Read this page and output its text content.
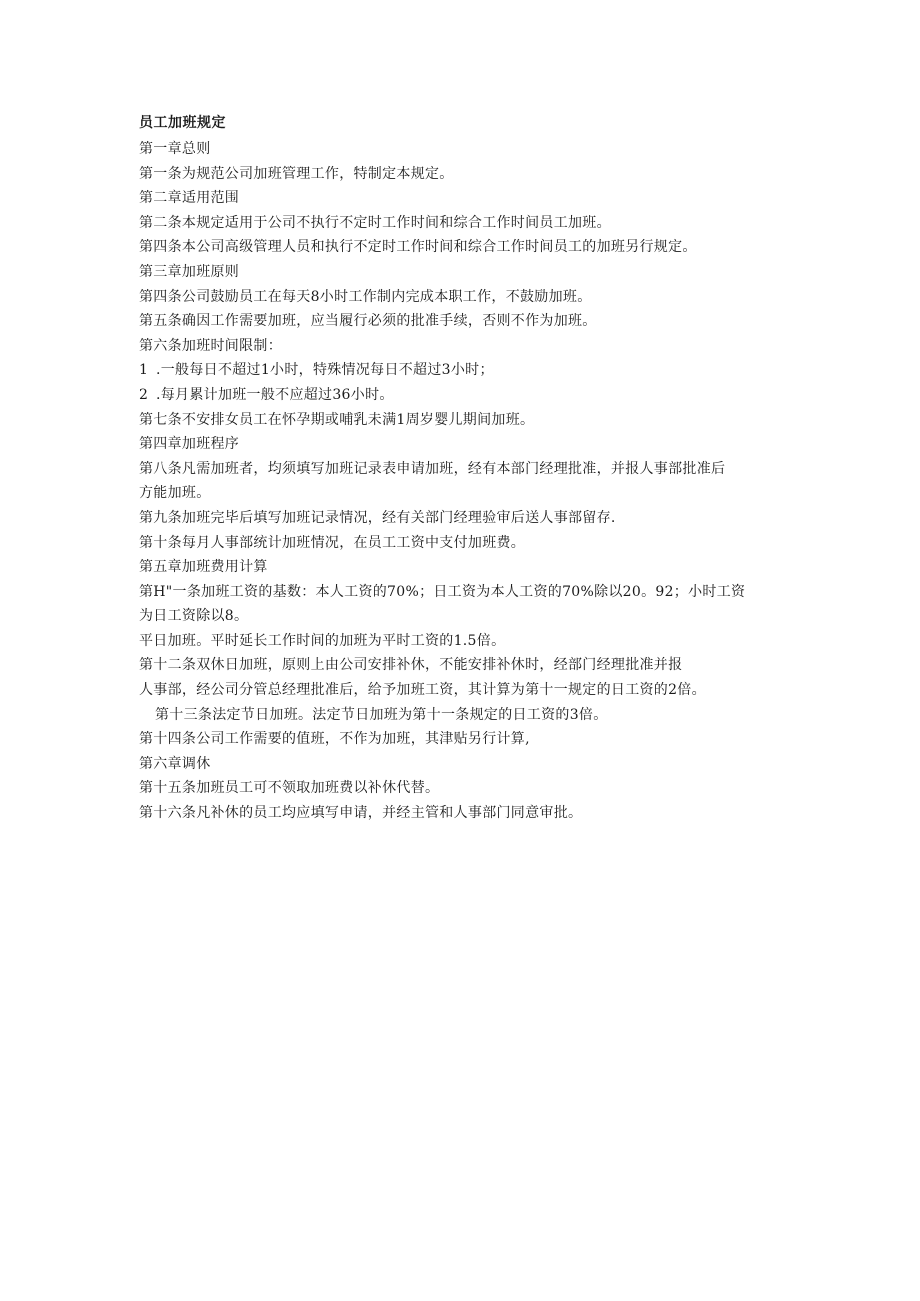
员工加班规定

第一章总则

第一条为规范公司加班管理工作，特制定本规定。

第二章适用范围

第二条本规定适用于公司不执行不定时工作时间和综合工作时间员工加班。

第四条本公司高级管理人员和执行不定时工作时间和综合工作时间员工的加班另行规定。

第三章加班原则

第四条公司鼓励员工在每天8小时工作制内完成本职工作，不鼓励加班。

第五条确因工作需要加班，应当履行必须的批准手续，否则不作为加班。

第六条加班时间限制：

1 .一般每日不超过1小时，特殊情况每日不超过3小时；

2 .每月累计加班一般不应超过36小时。

第七条不安排女员工在怀孕期或哺乳未满1周岁婴儿期间加班。

第四章加班程序

第八条凡需加班者，均须填写加班记录表申请加班，经有本部门经理批准，并报人事部批准后

方能加班。

第九条加班完毕后填写加班记录情况，经有关部门经理验审后送人事部留存.

第十条每月人事部统计加班情况，在员工工资中支付加班费。

第五章加班费用计算

第H"一条加班工资的基数：本人工资的70%；日工资为本人工资的70%除以20。92；小时工资

为日工资除以8。

平日加班。平时延长工作时间的加班为平时工资的1.5倍。

第十二条双休日加班，原则上由公司安排补休，不能安排补休时，经部门经理批准并报

人事部，经公司分管总经理批准后，给予加班工资，其计算为第十一规定的日工资的2倍。

第十三条法定节日加班。法定节日加班为第十一条规定的日工资的3倍。

第十四条公司工作需要的值班，不作为加班，其津贴另行计算,

第六章调休

第十五条加班员工可不领取加班费以补休代替。

第十六条凡补休的员工均应填写申请，并经主管和人事部门同意审批。
